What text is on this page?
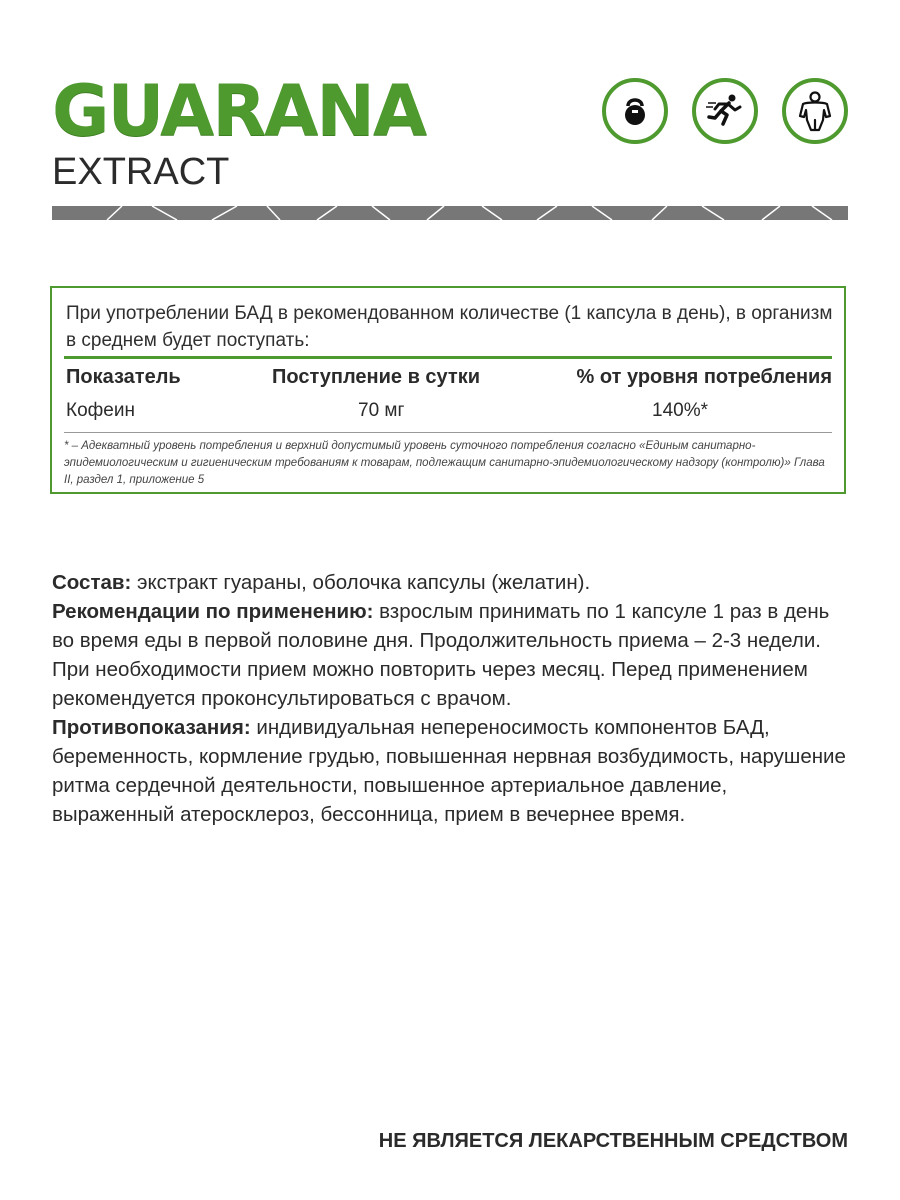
GUARANA
EXTRACT
При употреблении БАД в рекомендованном количестве (1 капсула в день), в организм в среднем будет поступать:
Показатель	Поступление в сутки	% от уровня потребления
Кофеин	70 мг	140%*
* – Адекватный уровень потребления и верхний допустимый уровень суточного потребления согласно «Единым санитарно-эпидемиологическим и гигиеническим требованиям к товарам, подлежащим санитарно-эпидемиологическому надзору (контролю)» Глава II, раздел 1, приложение 5

Состав: экстракт гуараны, оболочка капсулы (желатин).

Рекомендации по применению: взрослым принимать по 1 капсуле 1 раз в день во время еды в первой половине дня. Продолжительность приема – 2-3 недели. При необходимости прием можно повторить через месяц. Перед применением рекомендуется проконсультироваться с врачом.

Противопоказания: индивидуальная непереносимость компонентов БАД, беременность, кормление грудью, повышенная нервная возбудимость, нарушение ритма сердечной деятельности, повышенное артериальное давление, выраженный атеросклероз, бессонница, прием в вечернее время.

НЕ ЯВЛЯЕТСЯ ЛЕКАРСТВЕННЫМ СРЕДСТВОМ
